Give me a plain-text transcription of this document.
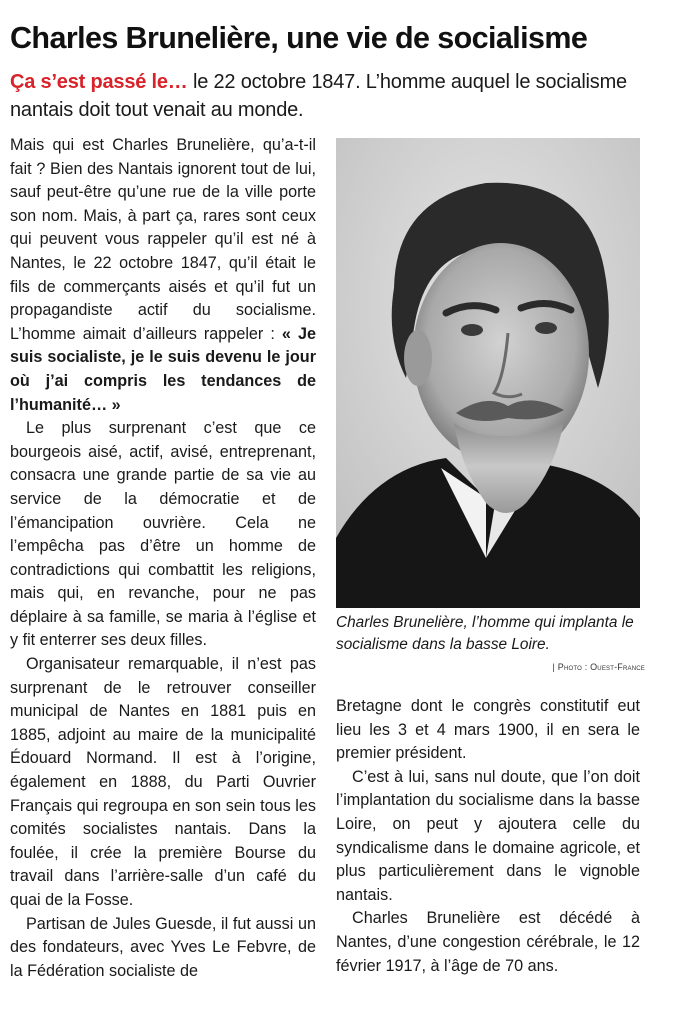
Charles Brunelière, une vie de socialisme
Ça s’est passé le… le 22 octobre 1847. L’homme auquel le socialisme nantais doit tout venait au monde.

Mais qui est Charles Brunelière, qu’a-t-il fait ? Bien des Nantais ignorent tout de lui, sauf peut-être qu’une rue de la ville porte son nom. Mais, à part ça, rares sont ceux qui peuvent vous rappeler qu’il est né à Nantes, le 22 octobre 1847, qu’il était le fils de commerçants aisés et qu’il fut un propagandiste actif du socialisme. L’homme aimait d’ailleurs rappeler : « Je suis socialiste, je le suis devenu le jour où j’ai compris les tendances de l’humanité… »

Le plus surprenant c’est que ce bourgeois aisé, actif, avisé, entreprenant, consacra une grande partie de sa vie au service de la démocratie et de l’émancipation ouvrière. Cela ne l’empêcha pas d’être un homme de contradictions qui combattit les religions, mais qui, en revanche, pour ne pas déplaire à sa famille, se maria à l’église et y fit enterrer ses deux filles.

Organisateur remarquable, il n’est pas surprenant de le retrouver conseiller municipal de Nantes en 1881 puis en 1885, adjoint au maire de la municipalité Édouard Normand. Il est à l’origine, également en 1888, du Parti Ouvrier Français qui regroupa en son sein tous les comités socialistes nantais. Dans la foulée, il crée la première Bourse du travail dans l’arrière-salle d’un café du quai de la Fosse.

Partisan de Jules Guesde, il fut aussi un des fondateurs, avec Yves Le Febvre, de la Fédération socialiste de

Charles Brunelière, l’homme qui implanta le socialisme dans la basse Loire.
| Photo : Ouest-France

Bretagne dont le congrès constitutif eut lieu les 3 et 4 mars 1900, il en sera le premier président.

C’est à lui, sans nul doute, que l’on doit l’implantation du socialisme dans la basse Loire, on peut y ajoutera celle du syndicalisme dans le domaine agricole, et plus particulièrement dans le vignoble nantais.

Charles Brunelière est décédé à Nantes, d’une congestion cérébrale, le 12 février 1917, à l’âge de 70 ans.
